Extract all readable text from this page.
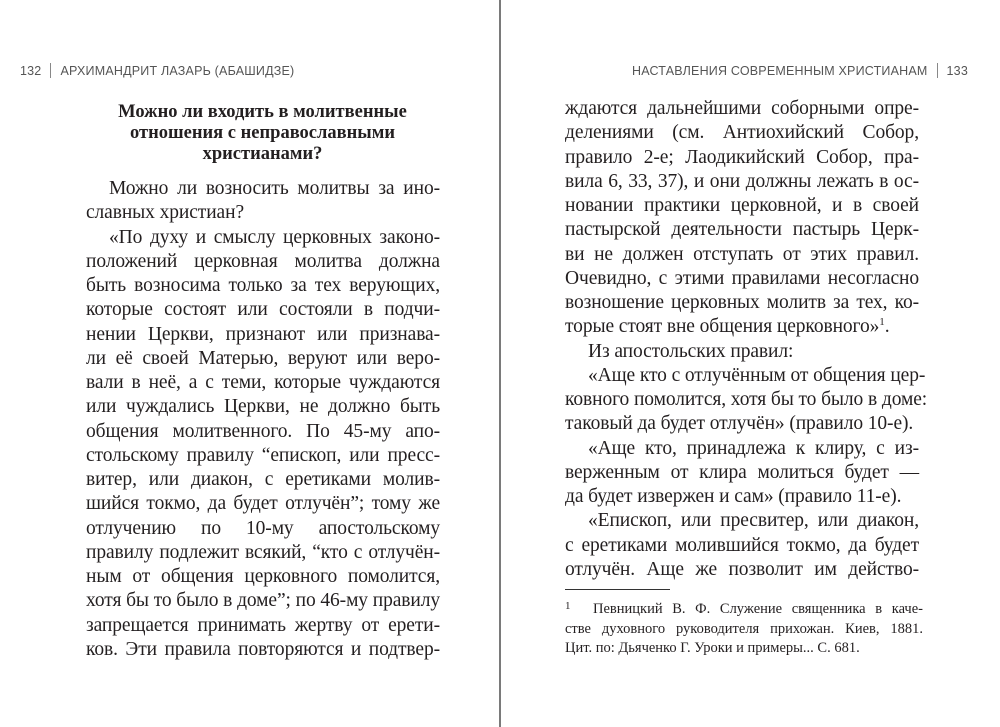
132 АРХИМАНДРИТ ЛАЗАРЬ (АБАШИДЗЕ)
Можно ли входить в молитвенные
отношения с неправославными
христианами?
Можно ли возносить молитвы за ино-
славных христиан?
«По духу и смыслу церковных законо-
положений церковная молитва должна
быть возносима только за тех верующих,
которые состоят или состояли в подчи-
нении Церкви, признают или признава-
ли её своей Матерью, веруют или веро-
вали в неё, а с теми, которые чуждаются
или чуждались Церкви, не должно быть
общения молитвенного. По 45-му апо-
стольскому правилу “епископ, или пресс-
витер, или диакон, с еретиками молив-
шийся токмо, да будет отлучён”; тому же
отлучению по 10-му апостольскому
правилу подлежит всякий, “кто с отлучён-
ным от общения церковного помолится,
хотя бы то было в доме”; по 46-му правилу
запрещается принимать жертву от ерети-
ков. Эти правила повторяются и подтвер-
НАСТАВЛЕНИЯ СОВРЕМЕННЫМ ХРИСТИАНАМ 133
ждаются дальнейшими соборными опре-
делениями (см. Антиохийский Собор,
правило 2-е; Лаодикийский Собор, пра-
вила 6, 33, 37), и они должны лежать в ос-
новании практики церковной, и в своей
пастырской деятельности пастырь Церк-
ви не должен отступать от этих правил.
Очевидно, с этими правилами несогласно
вознoшение церковных молитв за тех, ко-
торые стоят вне общения церковного»$^1$.
Из апостольских правил:
«Аще кто с отлучённым от общения цер-
ковного помолится, хотя бы то было в доме:
таковый да будет отлучён» (правило 10-е).
«Аще кто, принадлежа к клиру, с из-
верженным от клира молиться будет —
да будет извержен и сам» (правило 11-е).
«Епископ, или пресвитер, или диакон,
с еретиками молившийся токмо, да будет
отлучён. Аще же позволит им действо-
1 Певницкий В. Ф. Служение священника в каче-
стве духовного руководителя прихожан. Киев, 1881.
Цит. по: Дьяченко Г. Уроки и примеры... С. 681.
